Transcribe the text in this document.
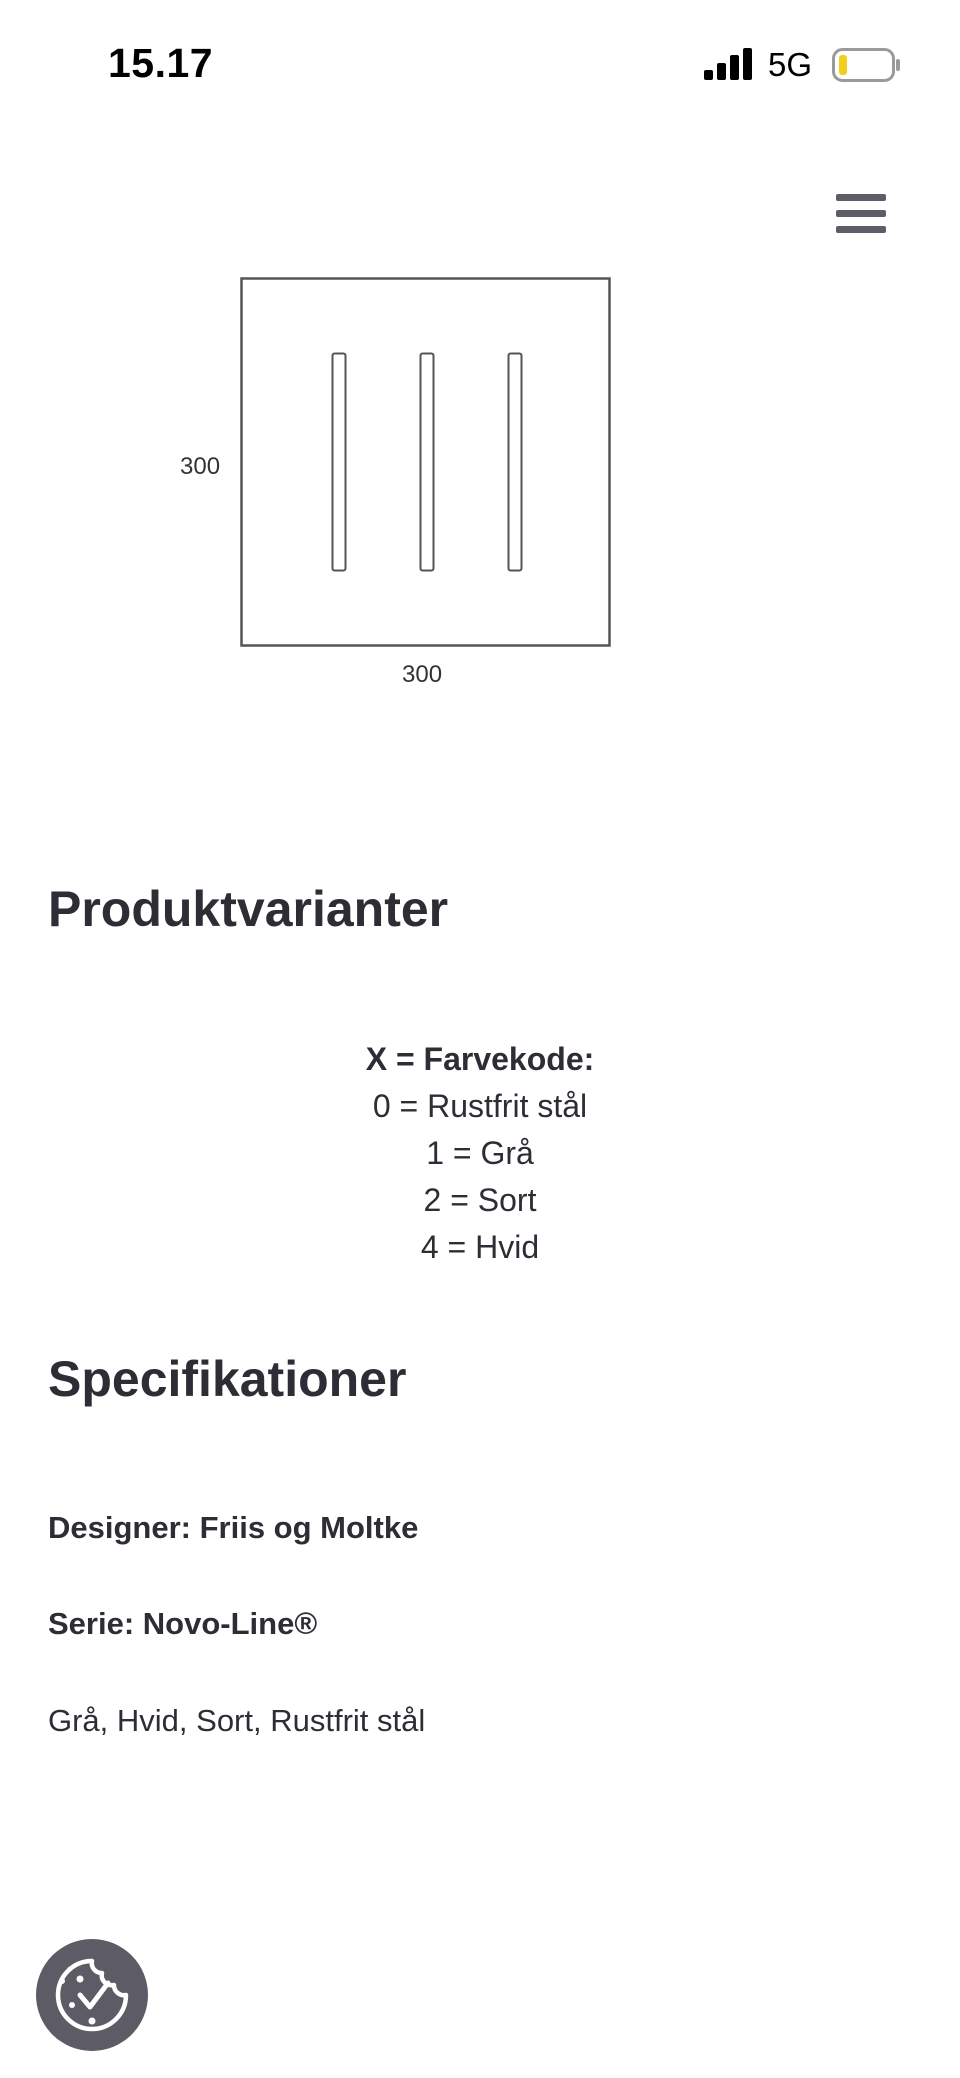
15.17	5G
300
300
Produktvarianter
X = Farvekode:
0 = Rustfrit stål
1 = Grå
2 = Sort
4 = Hvid
Specifikationer
Designer: Friis og Moltke
Serie: Novo-Line®
Grå, Hvid, Sort, Rustfrit stål
